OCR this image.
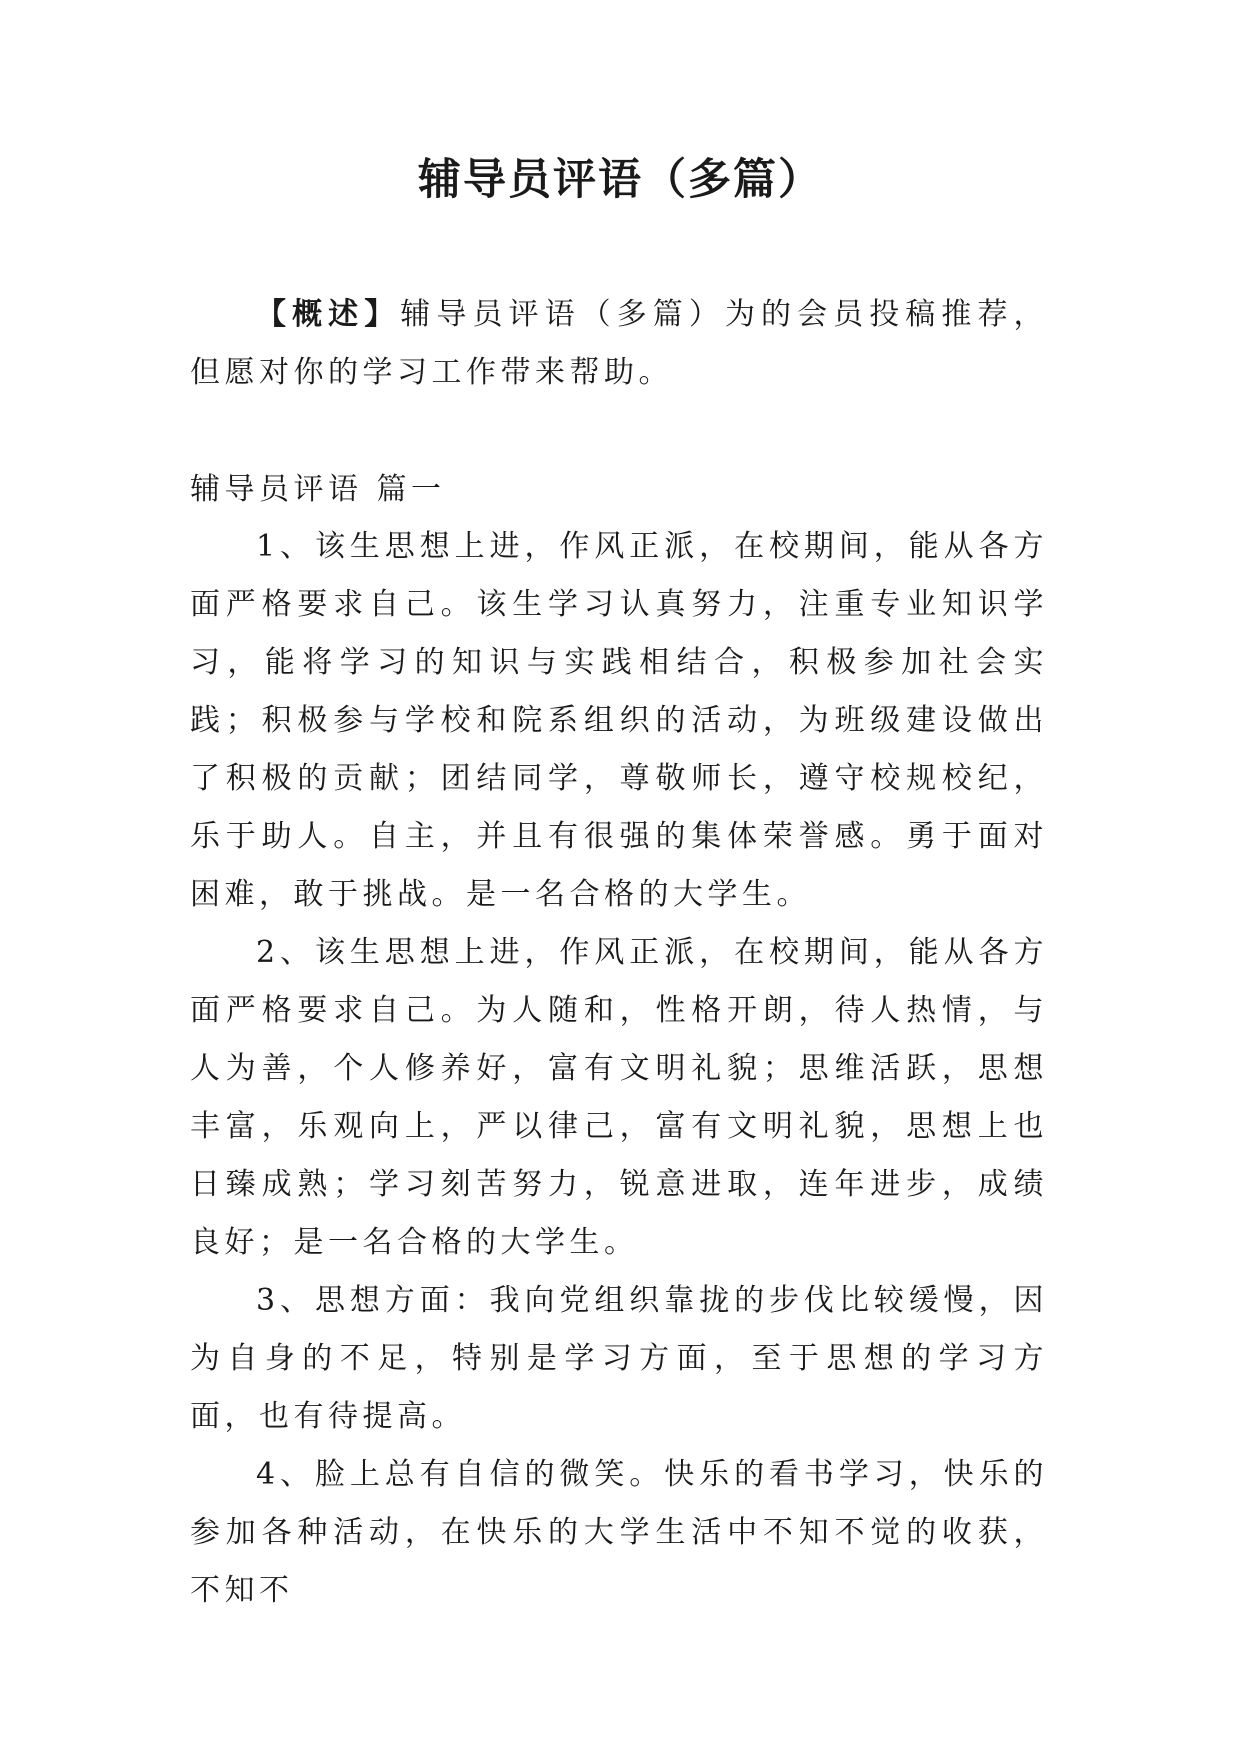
辅导员评语（多篇）

【概述】辅导员评语（多篇）为的会员投稿推荐，但愿对你的学习工作带来帮助。

辅导员评语 篇一

1、该生思想上进，作风正派，在校期间，能从各方面严格要求自己。该生学习认真努力，注重专业知识学习，能将学习的知识与实践相结合，积极参加社会实践；积极参与学校和院系组织的活动，为班级建设做出了积极的贡献；团结同学，尊敬师长，遵守校规校纪，乐于助人。自主，并且有很强的集体荣誉感。勇于面对困难，敢于挑战。是一名合格的大学生。

2、该生思想上进，作风正派，在校期间，能从各方面严格要求自己。为人随和，性格开朗，待人热情，与人为善，个人修养好，富有文明礼貌；思维活跃，思想丰富，乐观向上，严以律己，富有文明礼貌，思想上也日臻成熟；学习刻苦努力，锐意进取，连年进步，成绩良好；是一名合格的大学生。

3、思想方面：我向党组织靠拢的步伐比较缓慢，因为自身的不足，特别是学习方面，至于思想的学习方面，也有待提高。

4、脸上总有自信的微笑。快乐的看书学习，快乐的参加各种活动，在快乐的大学生活中不知不觉的收获，不知不
